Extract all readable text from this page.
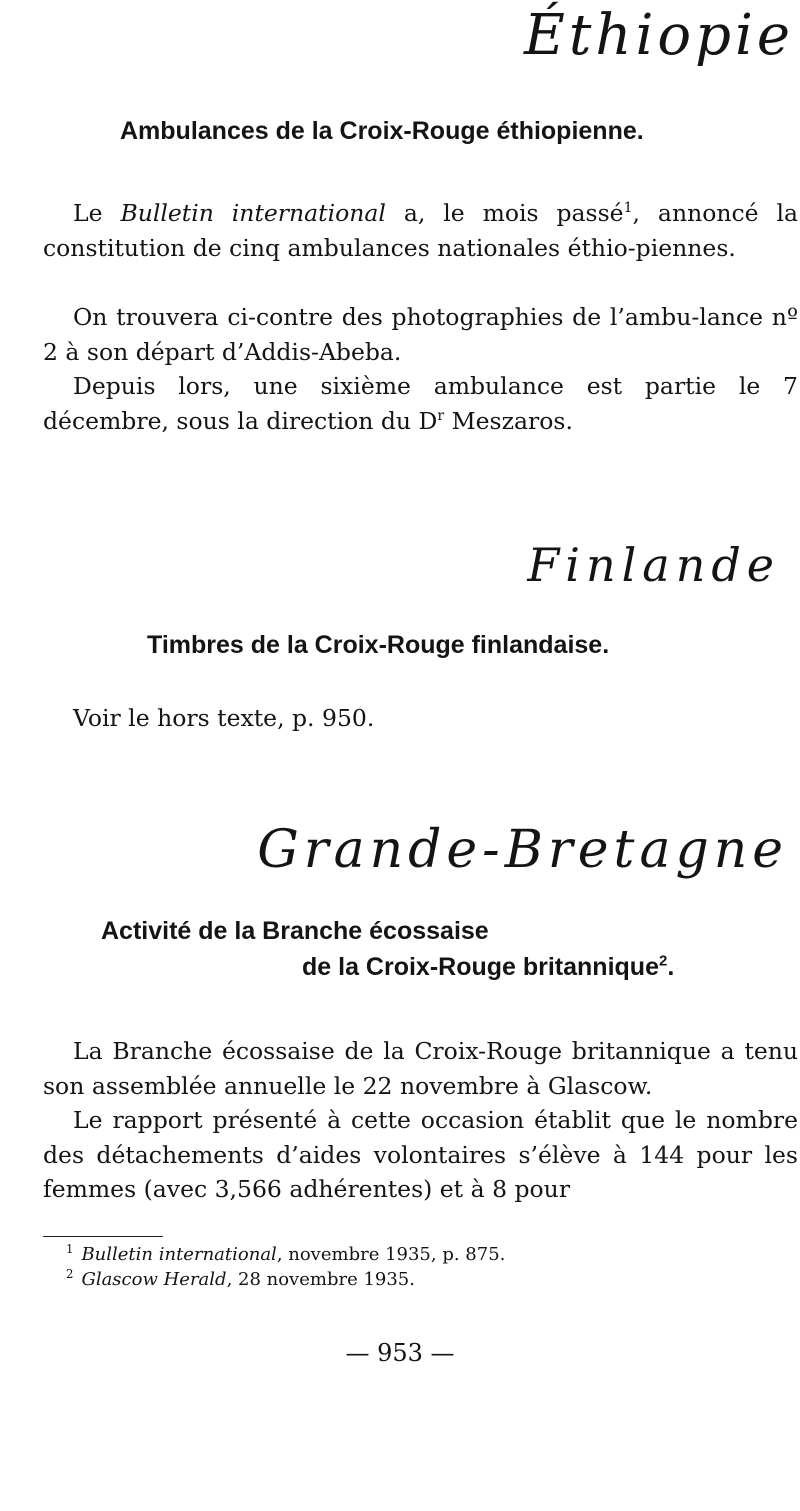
Éthiopie
Ambulances de la Croix-Rouge éthiopienne.
Le Bulletin international a, le mois passé$^1$, annoncé la constitution de cinq ambulances nationales éthio-piennes.
On trouvera ci-contre des photographies de l’ambu-lance nº 2 à son départ d’Addis-Abeba.
Depuis lors, une sixième ambulance est partie le 7 décembre, sous la direction du $D^r$ Meszaros.
Finlande
Timbres de la Croix-Rouge finlandaise.
Voir le hors texte, p. 950.
Grande-Bretagne
Activité de la Branche écossaise
de la Croix-Rouge britannique$^2$.
La Branche écossaise de la Croix-Rouge britannique a tenu son assemblée annuelle le 22 novembre à Glascow.
Le rapport présenté à cette occasion établit que le nombre des détachements d’aides volontaires s’élève à 144 pour les femmes (avec 3,566 adhérentes) et à 8 pour
$^1$ Bulletin international, novembre 1935, p. 875.
$^2$ Glascow Herald, 28 novembre 1935.
— 953 —
